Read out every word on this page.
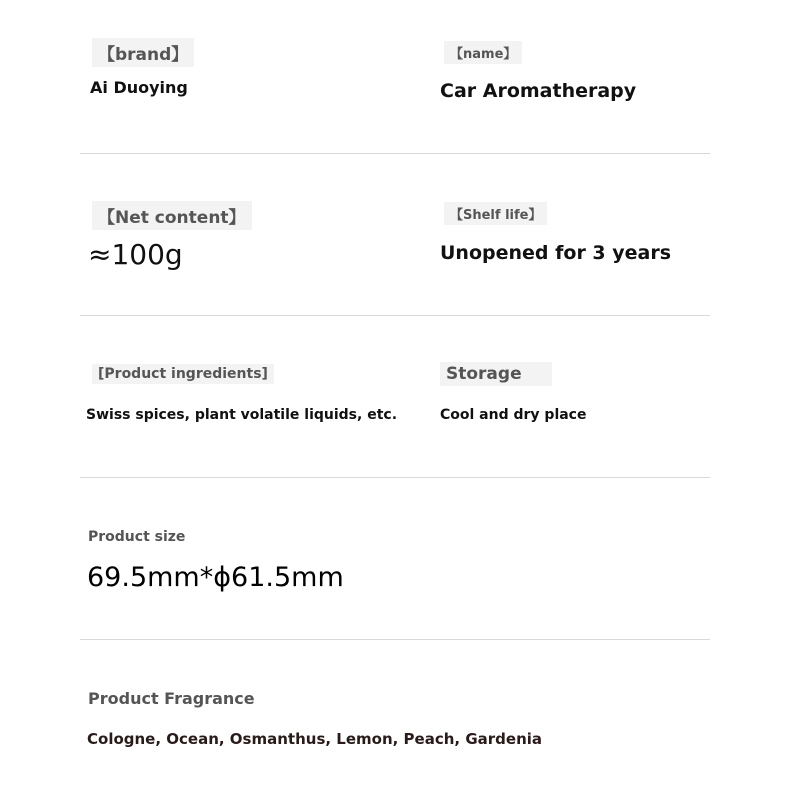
【brand】
Ai Duoying
【name】
Car Aromatherapy
【Net content】
≈100g
【Shelf life】
Unopened for 3 years
[Product ingredients]
Swiss spices, plant volatile liquids, etc.
Storage
Cool and dry place
Product size
69.5mm*ϕ61.5mm
Product Fragrance
Cologne, Ocean, Osmanthus, Lemon, Peach, Gardenia
